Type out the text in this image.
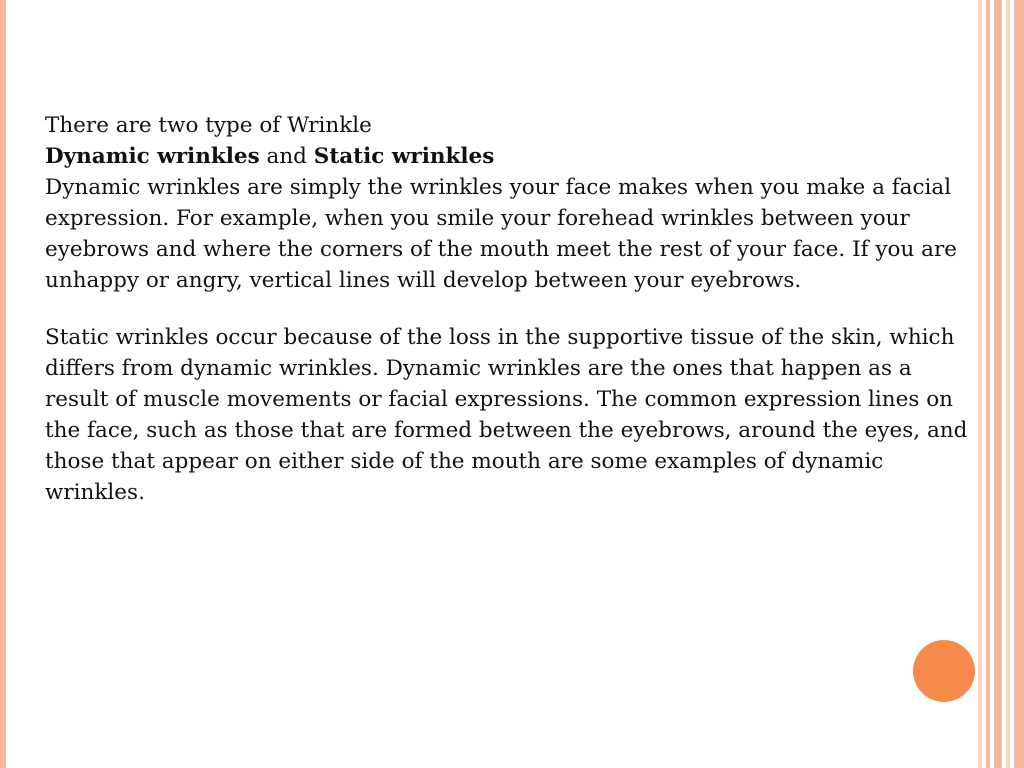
There are two type of Wrinkle

Dynamic wrinkles and Static wrinkles

Dynamic wrinkles are simply the wrinkles your face makes when you make a facial expression. For example, when you smile your forehead wrinkles between your eyebrows and where the corners of the mouth meet the rest of your face. If you are unhappy or angry, vertical lines will develop between your eyebrows.

Static wrinkles occur because of the loss in the supportive tissue of the skin, which differs from dynamic wrinkles. Dynamic wrinkles are the ones that happen as a result of muscle movements or facial expressions. The common expression lines on the face, such as those that are formed between the eyebrows, around the eyes, and those that appear on either side of the mouth are some examples of dynamic wrinkles.
